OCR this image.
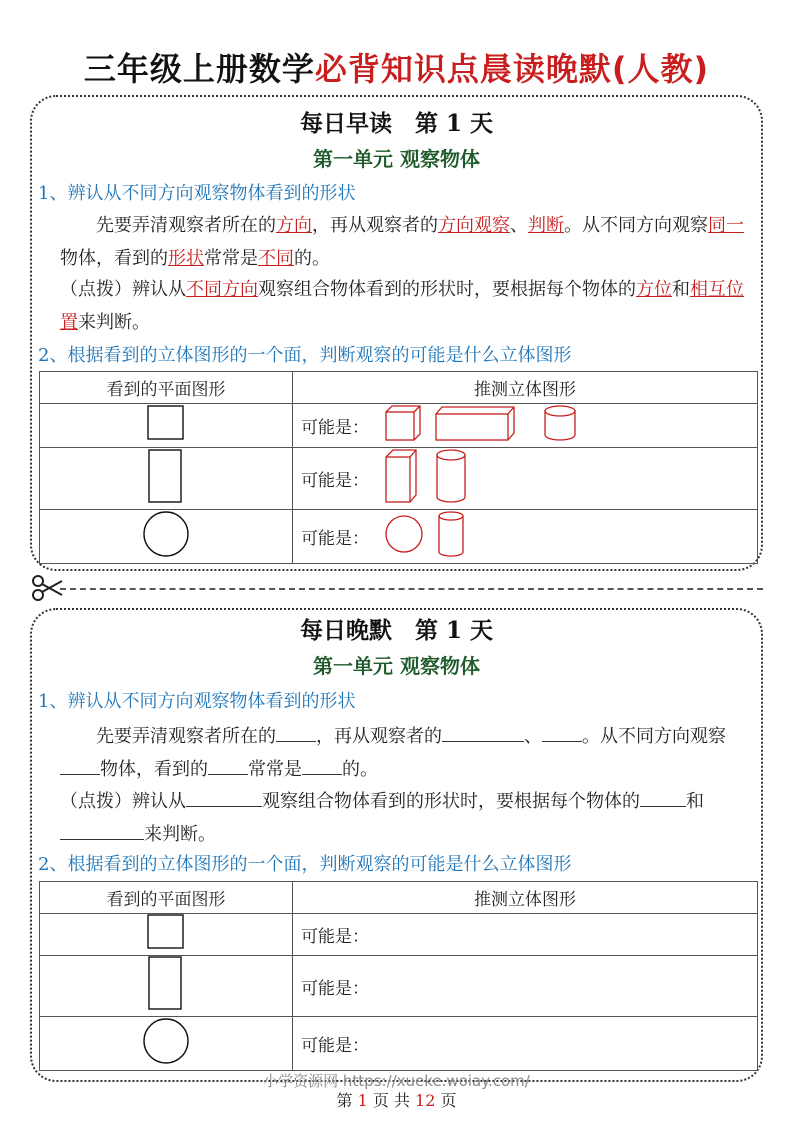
三年级上册数学必背知识点晨读晚默(人教)
每日早读　第 1 天
第一单元 观察物体
1、辨认从不同方向观察物体看到的形状
先要弄清观察者所在的方向，再从观察者的方向观察、判断。从不同方向观察同一物体，看到的形状常常是不同的。
（点拨）辨认从不同方向观察组合物体看到的形状时，要根据每个物体的方位和相互位置来判断。
2、根据看到的立体图形的一个面，判断观察的可能是什么立体图形
看到的平面图形	推测立体图形
	可能是：
	可能是：
	可能是：
每日晚默　第 1 天
第一单元 观察物体
1、辨认从不同方向观察物体看到的形状
先要弄清观察者所在的 ，再从观察者的	、 。从不同方向观察物体，看到的 常常是 的。
（点拨）辨认从	观察组合物体看到的形状时，要根据每个物体的	和来判断。
2、根据看到的立体图形的一个面，判断观察的可能是什么立体图形
看到的平面图形	推测立体图形
	可能是：
	可能是：
	可能是：
小学资源网 https://xueke.woiay.com/
第 1 页 共 12 页
